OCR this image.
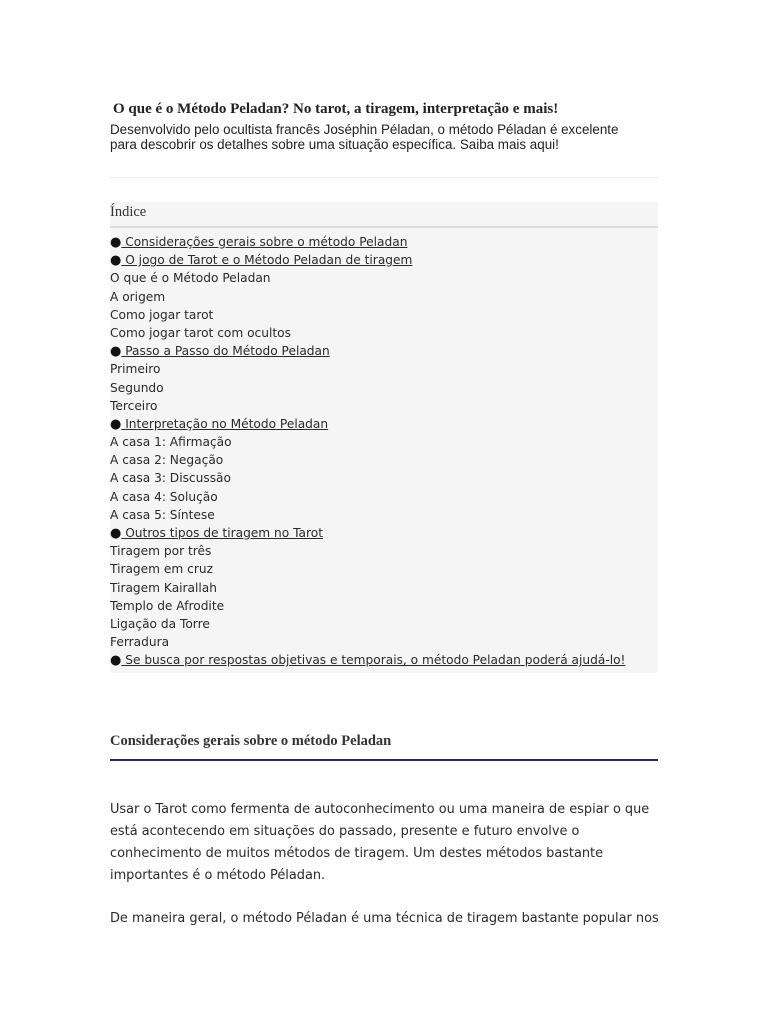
O que é o Método Peladan? No tarot, a tiragem, interpretação e mais!
Desenvolvido pelo ocultista francês Joséphin Péladan, o método Péladan é excelente para descobrir os detalhes sobre uma situação específica. Saiba mais aqui!
Índice
● Considerações gerais sobre o método Peladan
● O jogo de Tarot e o Método Peladan de tiragem
O que é o Método Peladan
A origem
Como jogar tarot
Como jogar tarot com ocultos
● Passo a Passo do Método Peladan
Primeiro
Segundo
Terceiro
● Interpretação no Método Peladan
A casa 1: Afirmação
A casa 2: Negação
A casa 3: Discussão
A casa 4: Solução
A casa 5: Síntese
● Outros tipos de tiragem no Tarot
Tiragem por três
Tiragem em cruz
Tiragem Kairallah
Templo de Afrodite
Ligação da Torre
Ferradura
● Se busca por respostas objetivas e temporais, o método Peladan poderá ajudá-lo!
Considerações gerais sobre o método Peladan

Usar o Tarot como fermenta de autoconhecimento ou uma maneira de espiar o que está acontecendo em situações do passado, presente e futuro envolve o conhecimento de muitos métodos de tiragem. Um destes métodos bastante importantes é o método Péladan.

De maneira geral, o método Péladan é uma técnica de tiragem bastante popular nos
